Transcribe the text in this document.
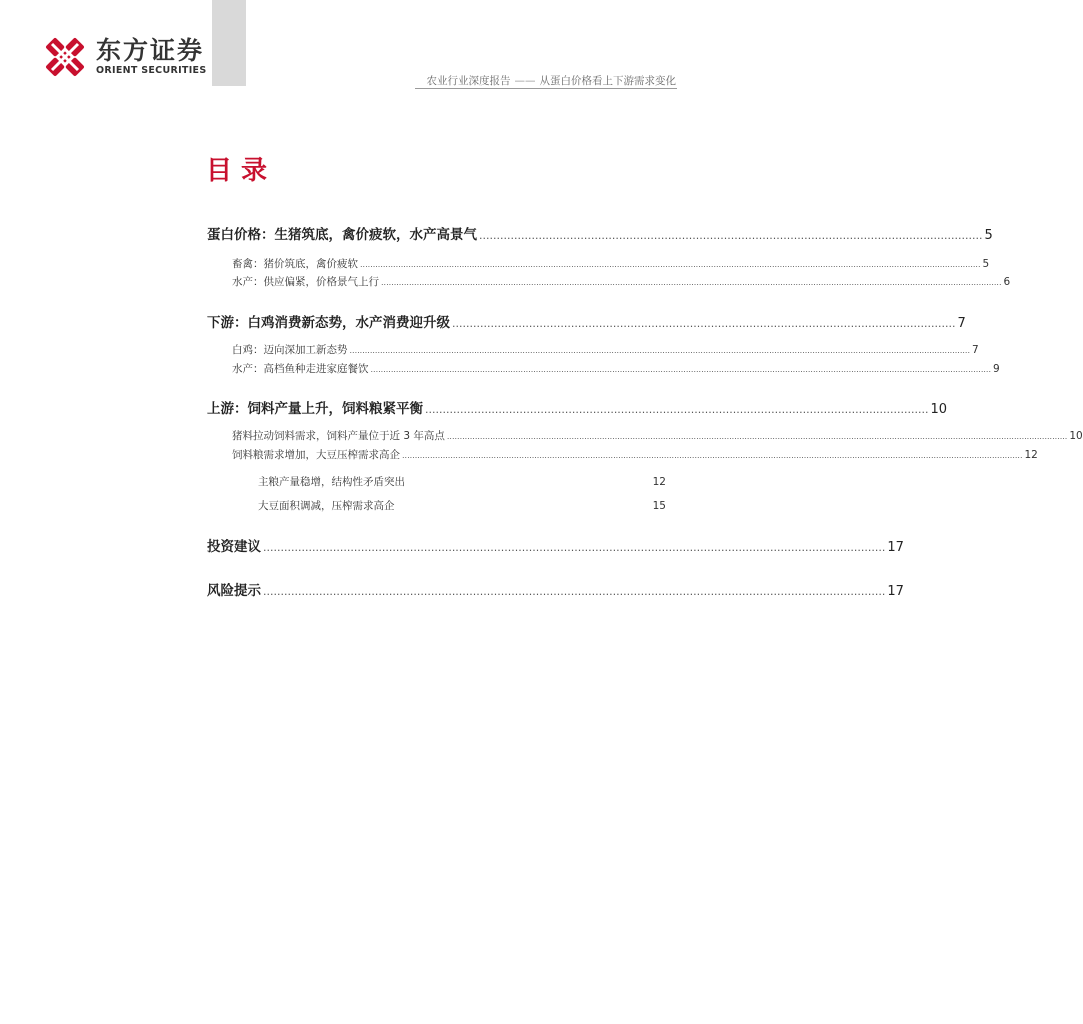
东方证券
ORIENT SECURITIES
农业行业深度报告 —— 从蛋白价格看上下游需求变化
目录
蛋白价格：生猪筑底，禽价疲软，水产高景气 ................................................................................................................................................ 5
畜禽：猪价筑底，禽价疲软 .................................................................................................................................................................................................................................................... 5
水产：供应偏紧，价格景气上行 .................................................................................................................................................................................................................................................... 6
下游：白鸡消费新态势，水产消费迎升级 ................................................................................................................................................ 7
白鸡：迈向深加工新态势 .................................................................................................................................................................................................................................................... 7
水产：高档鱼种走进家庭餐饮 .................................................................................................................................................................................................................................................... 9
上游：饲料产量上升，饲料粮紧平衡 ................................................................................................................................................ 10
猪料拉动饲料需求，饲料产量位于近 3 年高点 .................................................................................................................................................................................................................................................... 10
饲料粮需求增加，大豆压榨需求高企 .................................................................................................................................................................................................................................................... 12
主粮产量稳增，结构性矛盾突出	12
大豆面积调减，压榨需求高企	15
投资建议 .................................................................................................................................................................................. 17
风险提示 .................................................................................................................................................................................. 17
